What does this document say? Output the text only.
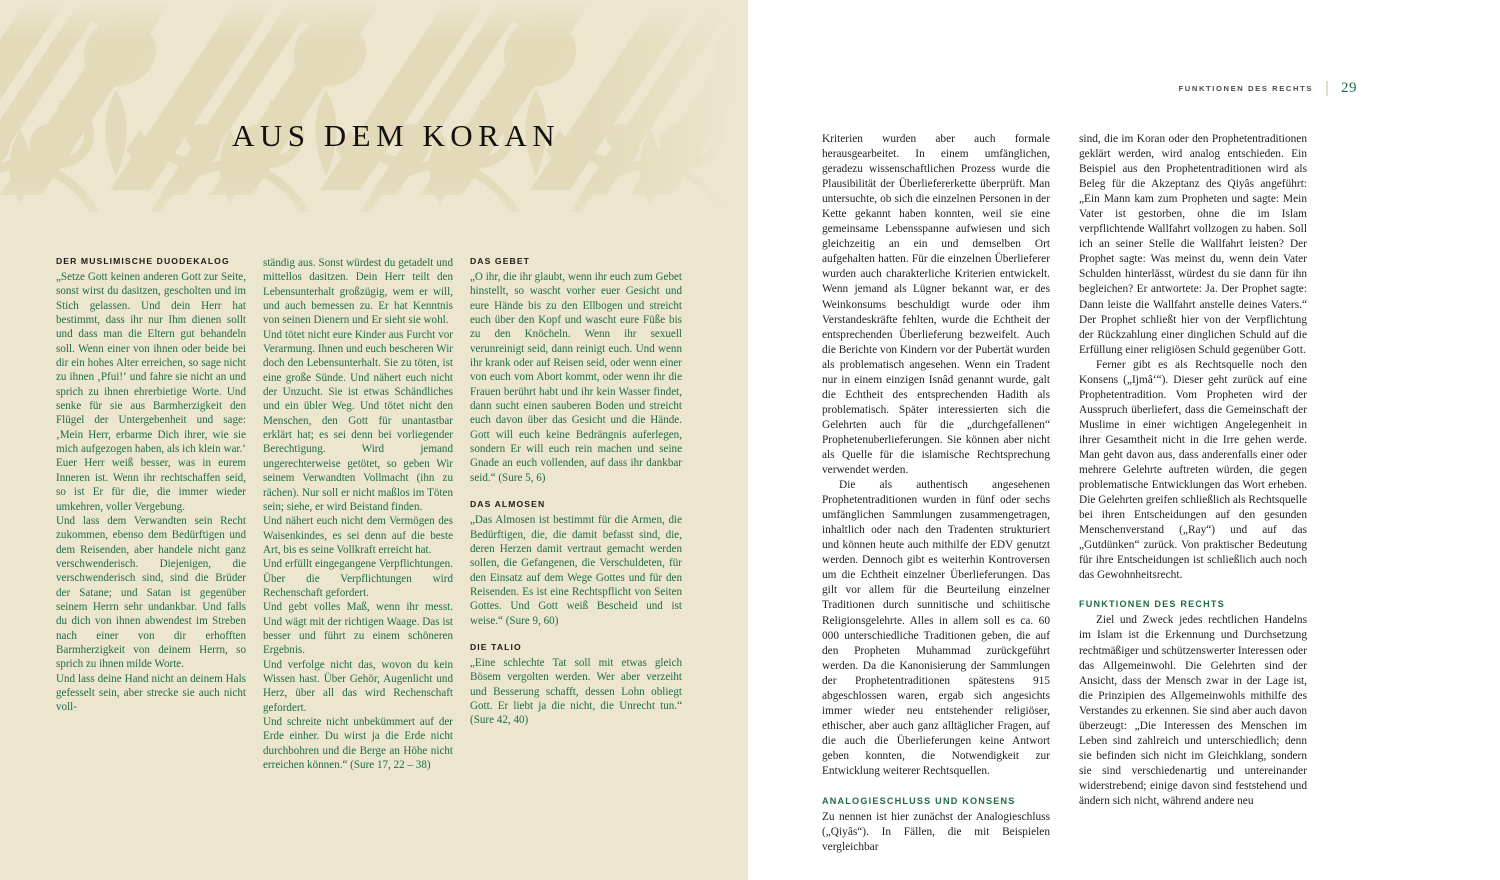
AUS DEM KORAN
DER MUSLIMISCHE DUODEKALOG

„Setze Gott keinen anderen Gott zur Seite, sonst wirst du dasitzen, gescholten und im Stich gelassen. Und dein Herr hat bestimmt, dass ihr nur Ihm dienen sollt und dass man die Eltern gut behandeln soll. Wenn einer von ihnen oder beide bei dir ein hohes Alter erreichen, so sage nicht zu ihnen ‚Pfui!‘ und fahre sie nicht an und sprich zu ihnen ehrerbietige Worte. Und senke für sie aus Barmherzigkeit den Flügel der Untergebenheit und sage: ‚Mein Herr, erbarme Dich ihrer, wie sie mich aufgezogen haben, als ich klein war.‘ Euer Herr weiß besser, was in eurem Inneren ist. Wenn ihr rechtschaffen seid, so ist Er für die, die immer wieder umkehren, voller Vergebung.

Und lass dem Verwandten sein Recht zukommen, ebenso dem Bedürftigen und dem Reisenden, aber handele nicht ganz verschwenderisch. Diejenigen, die verschwenderisch sind, sind die Brüder der Satane; und Satan ist gegenüber seinem Herrn sehr undankbar. Und falls du dich von ihnen abwendest im Streben nach einer von dir erhofften Barmherzigkeit von deinem Herrn, so sprich zu ihnen milde Worte.

Und lass deine Hand nicht an deinem Hals gefesselt sein, aber strecke sie auch nicht voll-

ständig aus. Sonst würdest du getadelt und mittellos dasitzen. Dein Herr teilt den Lebensunterhalt großzügig, wem er will, und auch bemessen zu. Er hat Kenntnis von seinen Dienern und Er sieht sie wohl.

Und tötet nicht eure Kinder aus Furcht vor Verarmung. Ihnen und euch bescheren Wir doch den Lebensunterhalt. Sie zu töten, ist eine große Sünde. Und nähert euch nicht der Unzucht. Sie ist etwas Schändliches und ein übler Weg. Und tötet nicht den Menschen, den Gott für unantastbar erklärt hat; es sei denn bei vorliegender Berechtigung. Wird jemand ungerechterweise getötet, so geben Wir seinem Verwandten Vollmacht (ihn zu rächen). Nur soll er nicht maßlos im Töten sein; siehe, er wird Beistand finden.

Und nähert euch nicht dem Vermögen des Waisenkindes, es sei denn auf die beste Art, bis es seine Vollkraft erreicht hat.

Und erfüllt eingegangene Verpflichtungen. Über die Verpflichtungen wird Rechenschaft gefordert.

Und gebt volles Maß, wenn ihr messt. Und wägt mit der richtigen Waage. Das ist besser und führt zu einem schöneren Ergebnis.

Und verfolge nicht das, wovon du kein Wissen hast. Über Gehör, Augenlicht und Herz, über all das wird Rechenschaft gefordert.

Und schreite nicht unbekümmert auf der Erde einher. Du wirst ja die Erde nicht durchbohren und die Berge an Höhe nicht erreichen können.“ (Sure 17, 22 – 38)

DAS GEBET

„O ihr, die ihr glaubt, wenn ihr euch zum Gebet hinstellt, so wascht vorher euer Gesicht und eure Hände bis zu den Ellbogen und streicht euch über den Kopf und wascht eure Füße bis zu den Knöcheln. Wenn ihr sexuell verunreinigt seid, dann reinigt euch. Und wenn ihr krank oder auf Reisen seid, oder wenn einer von euch vom Abort kommt, oder wenn ihr die Frauen berührt habt und ihr kein Wasser findet, dann sucht einen sauberen Boden und streicht euch davon über das Gesicht und die Hände. Gott will euch keine Bedrängnis auferlegen, sondern Er will euch rein machen und seine Gnade an euch vollenden, auf dass ihr dankbar seid.“ (Sure 5, 6)

DAS ALMOSEN

„Das Almosen ist bestimmt für die Armen, die Bedürftigen, die, die damit befasst sind, die, deren Herzen damit vertraut gemacht werden sollen, die Gefangenen, die Verschuldeten, für den Einsatz auf dem Wege Gottes und für den Reisenden. Es ist eine Rechtspflicht von Seiten Gottes. Und Gott weiß Bescheid und ist weise.“ (Sure 9, 60)

DIE TALIO

„Eine schlechte Tat soll mit etwas gleich Bösem vergolten werden. Wer aber verzeiht und Besserung schafft, dessen Lohn obliegt Gott. Er liebt ja die nicht, die Unrecht tun.“ (Sure 42, 40)

FUNKTIONEN DES RECHTS 29

Kriterien wurden aber auch formale herausgearbeitet. In einem umfänglichen, geradezu wissenschaftlichen Prozess wurde die Plausibilität der Überliefererkette überprüft. Man untersuchte, ob sich die einzelnen Personen in der Kette gekannt haben konnten, weil sie eine gemeinsame Lebensspanne aufwiesen und sich gleichzeitig an ein und demselben Ort aufgehalten hatten. Für die einzelnen Überlieferer wurden auch charakterliche Kriterien entwickelt. Wenn jemand als Lügner bekannt war, er des Weinkonsums beschuldigt wurde oder ihm Verstandeskräfte fehlten, wurde die Echtheit der entsprechenden Überlieferung bezweifelt. Auch die Berichte von Kindern vor der Pubertät wurden als problematisch angesehen. Wenn ein Tradent nur in einem einzigen Isnâd genannt wurde, galt die Echtheit des entsprechenden Hadith als problematisch. Später interessierten sich die Gelehrten auch für die „durchgefallenen“ Prophetenuberlieferungen. Sie können aber nicht als Quelle für die islamische Rechtsprechung verwendet werden.

Die als authentisch angesehenen Prophetentraditionen wurden in fünf oder sechs umfänglichen Sammlungen zusammengetragen, inhaltlich oder nach den Tradenten strukturiert und können heute auch mithilfe der EDV genutzt werden. Dennoch gibt es weiterhin Kontroversen um die Echtheit einzelner Überlieferungen. Das gilt vor allem für die Beurteilung einzelner Traditionen durch sunnitische und schiitische Religionsgelehrte. Alles in allem soll es ca. 60 000 unterschiedliche Traditionen geben, die auf den Propheten Muhammad zurückgeführt werden. Da die Kanonisierung der Sammlungen der Prophetentraditionen spätestens 915 abgeschlossen waren, ergab sich angesichts immer wieder neu entstehender religiöser, ethischer, aber auch ganz alltäglicher Fragen, auf die auch die Überlieferungen keine Antwort geben konnten, die Notwendigkeit zur Entwicklung weiterer Rechtsquellen.

ANALOGIESCHLUSS UND KONSENS

Zu nennen ist hier zunächst der Analogieschluss („Qiyâs“). In Fällen, die mit Beispielen vergleichbar

sind, die im Koran oder den Prophetentraditionen geklärt werden, wird analog entschieden. Ein Beispiel aus den Prophetentraditionen wird als Beleg für die Akzeptanz des Qiyâs angeführt: „Ein Mann kam zum Propheten und sagte: Mein Vater ist gestorben, ohne die im Islam verpflichtende Wallfahrt vollzogen zu haben. Soll ich an seiner Stelle die Wallfahrt leisten? Der Prophet sagte: Was meinst du, wenn dein Vater Schulden hinterlässt, würdest du sie dann für ihn begleichen? Er antwortete: Ja. Der Prophet sagte: Dann leiste die Wallfahrt anstelle deines Vaters.“ Der Prophet schließt hier von der Verpflichtung der Rückzahlung einer dinglichen Schuld auf die Erfüllung einer religiösen Schuld gegenüber Gott.

Ferner gibt es als Rechtsquelle noch den Konsens („Ijmâ‘“). Dieser geht zurück auf eine Prophetentradition. Vom Propheten wird der Ausspruch überliefert, dass die Gemeinschaft der Muslime in einer wichtigen Angelegenheit in ihrer Gesamtheit nicht in die Irre gehen werde. Man geht davon aus, dass anderenfalls einer oder mehrere Gelehrte auftreten würden, die gegen problematische Entwicklungen das Wort erheben. Die Gelehrten greifen schließlich als Rechtsquelle bei ihren Entscheidungen auf den gesunden Menschenverstand („Ray“) und auf das „Gutdünken“ zurück. Von praktischer Bedeutung für ihre Entscheidungen ist schließlich auch noch das Gewohnheitsrecht.

FUNKTIONEN DES RECHTS

Ziel und Zweck jedes rechtlichen Handelns im Islam ist die Erkennung und Durchsetzung rechtmäßiger und schützenswerter Interessen oder das Allgemeinwohl. Die Gelehrten sind der Ansicht, dass der Mensch zwar in der Lage ist, die Prinzipien des Allgemeinwohls mithilfe des Verstandes zu erkennen. Sie sind aber auch davon überzeugt: „Die Interessen des Menschen im Leben sind zahlreich und unterschiedlich; denn sie befinden sich nicht im Gleichklang, sondern sie sind verschiedenartig und untereinander widerstrebend; einige davon sind feststehend und ändern sich nicht, während andere neu
